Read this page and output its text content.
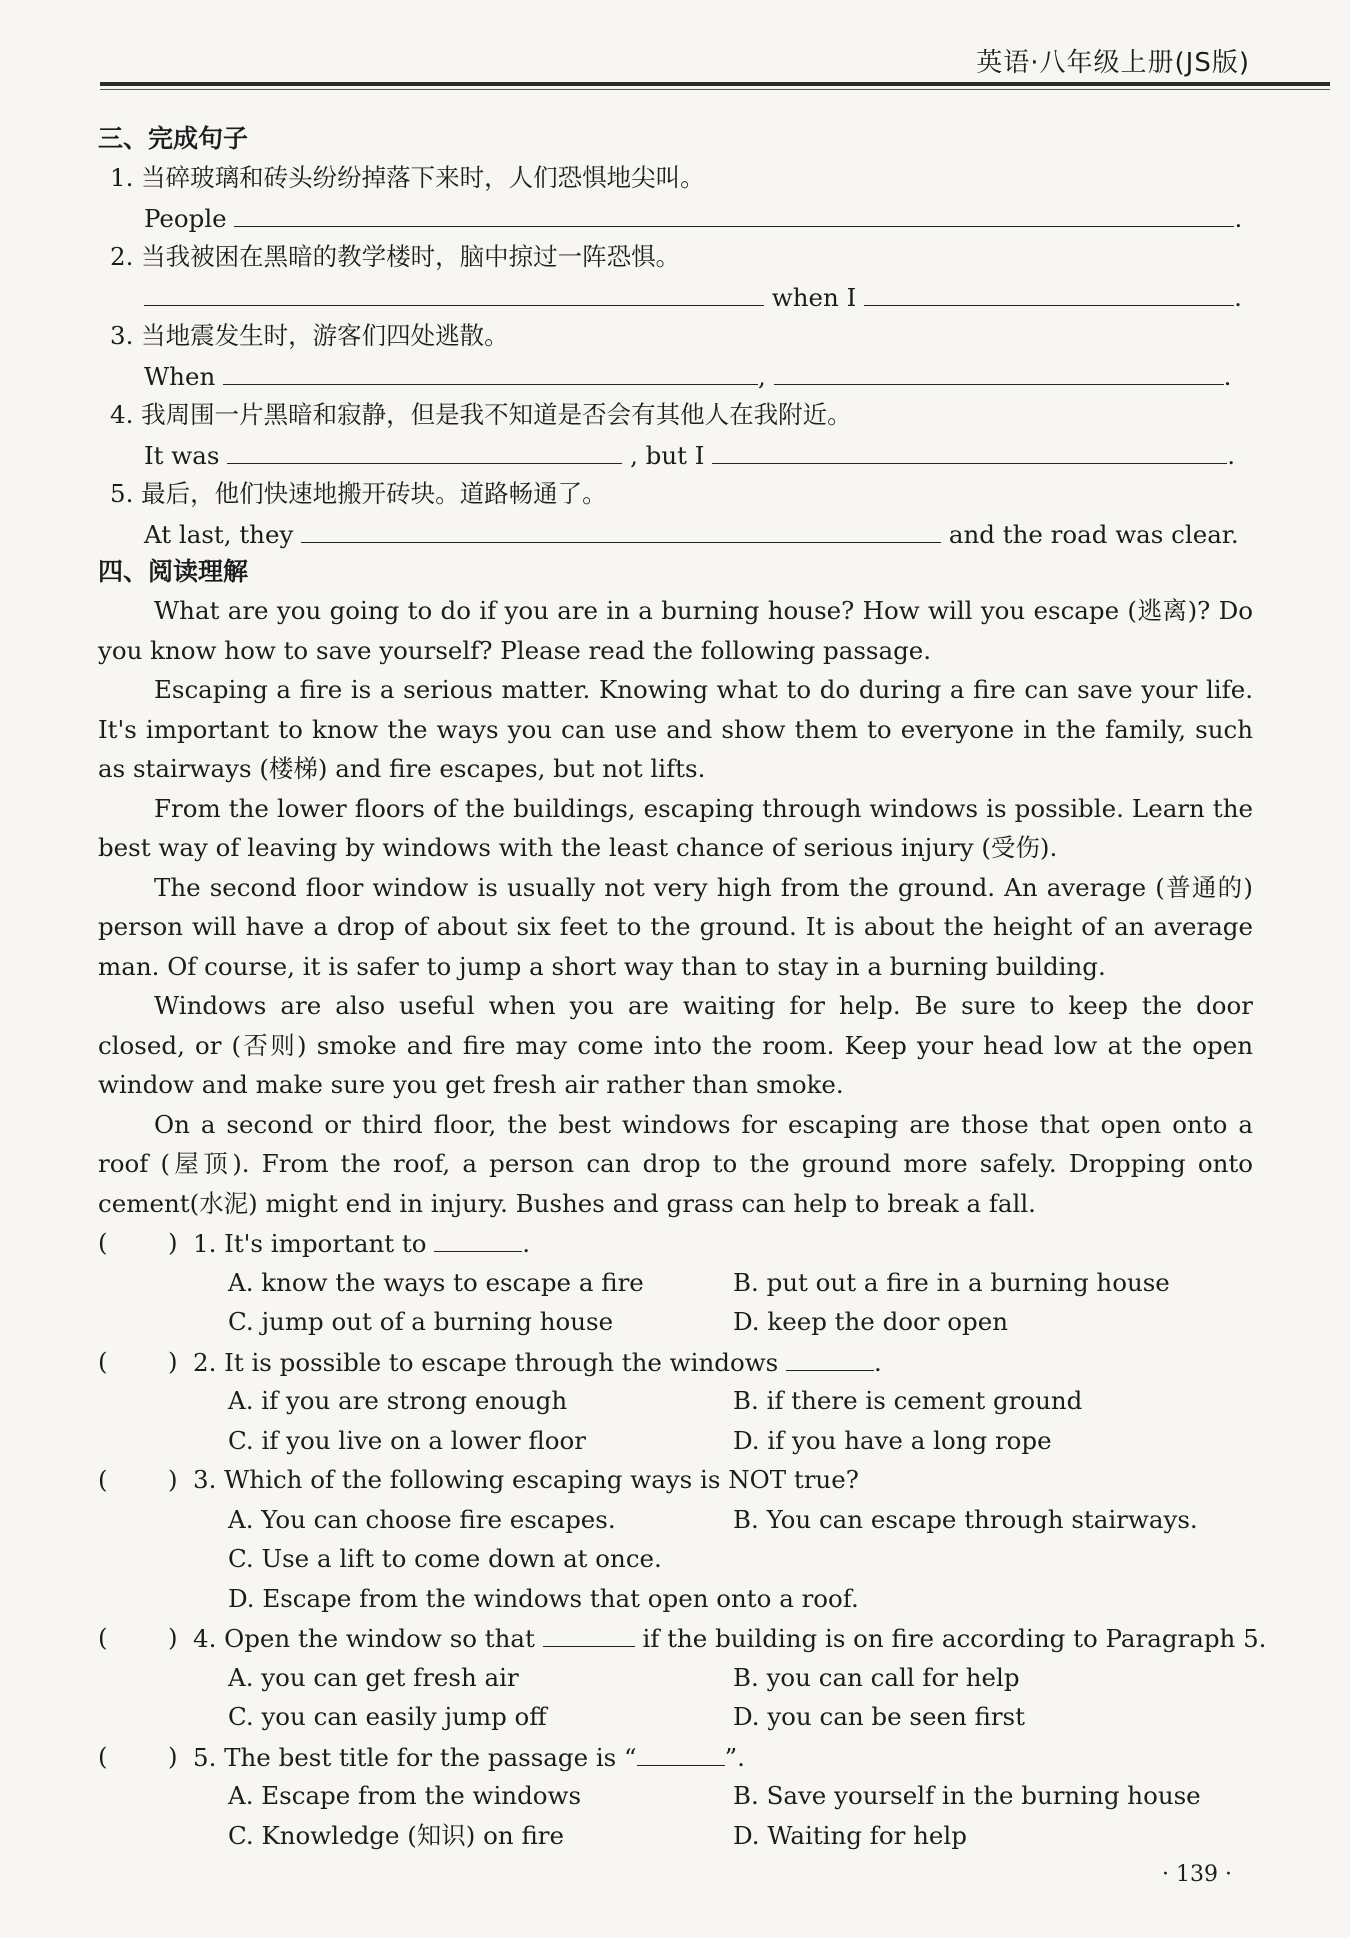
英语·八年级上册(JS版)
三、完成句子
1. 当碎玻璃和砖头纷纷掉落下来时，人们恐惧地尖叫。
People	.
2. 当我被困在黑暗的教学楼时，脑中掠过一阵恐惧。
when I	.
3. 当地震发生时，游客们四处逃散。
When	,	.
4. 我周围一片黑暗和寂静，但是我不知道是否会有其他人在我附近。
It was	, but I	.
5. 最后，他们快速地搬开砖块。道路畅通了。
At last, they	and the road was clear.
四、阅读理解

What are you going to do if you are in a burning house? How will you escape (逃离)? Do you know how to save yourself? Please read the following passage.

Escaping a fire is a serious matter. Knowing what to do during a fire can save your life. It's important to know the ways you can use and show them to everyone in the family, such as stairways (楼梯) and fire escapes, but not lifts.

From the lower floors of the buildings, escaping through windows is possible. Learn the best way of leaving by windows with the least chance of serious injury (受伤).

The second floor window is usually not very high from the ground. An average (普通的) person will have a drop of about six feet to the ground. It is about the height of an average man. Of course, it is safer to jump a short way than to stay in a burning building.

Windows are also useful when you are waiting for help. Be sure to keep the door closed, or (否则) smoke and fire may come into the room. Keep your head low at the open window and make sure you get fresh air rather than smoke.

On a second or third floor, the best windows for escaping are those that open onto a roof (屋顶). From the roof, a person can drop to the ground more safely. Dropping onto cement(水泥) might end in injury. Bushes and grass can help to break a fall.

( ) 1. It's important to	.
A. know the ways to escape a fire	B. put out a fire in a burning house
C. jump out of a burning house	D. keep the door open
( ) 2. It is possible to escape through the windows	.
A. if you are strong enough	B. if there is cement ground
C. if you live on a lower floor	D. if you have a long rope
( ) 3. Which of the following escaping ways is NOT true?
A. You can choose fire escapes.	B. You can escape through stairways.
C. Use a lift to come down at once.
D. Escape from the windows that open onto a roof.
( ) 4. Open the window so that	if the building is on fire according to Paragraph 5.
A. you can get fresh air	B. you can call for help
C. you can easily jump off	D. you can be seen first
( ) 5. The best title for the passage is “	”.
A. Escape from the windows	B. Save yourself in the burning house
C. Knowledge (知识) on fire	D. Waiting for help
· 139 ·
